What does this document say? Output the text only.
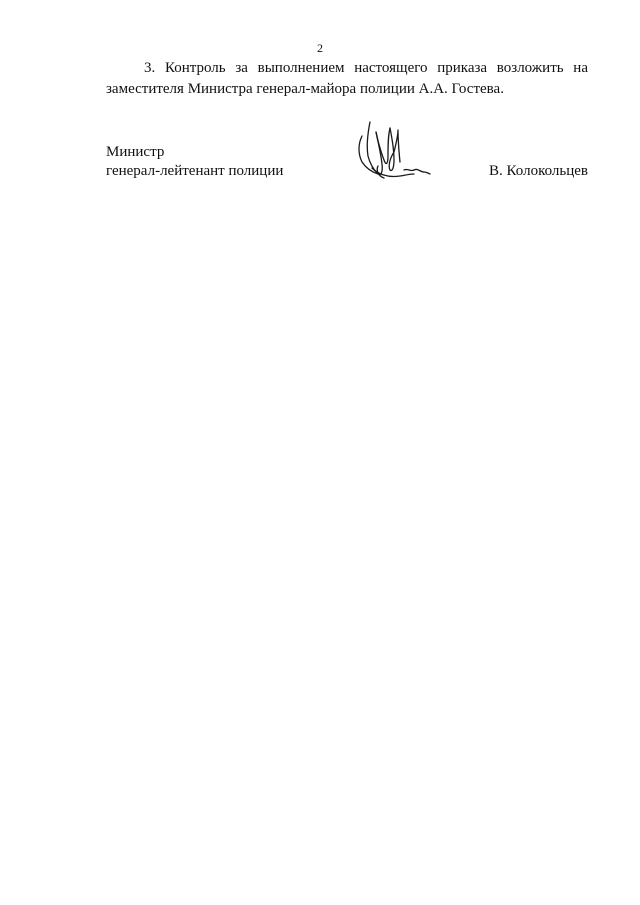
2

3. Контроль за выполнением настоящего приказа возложить на заместителя Министра генерал-майора полиции А.А. Гостева.

Министр
генерал-лейтенант полиции	В. Колокольцев
